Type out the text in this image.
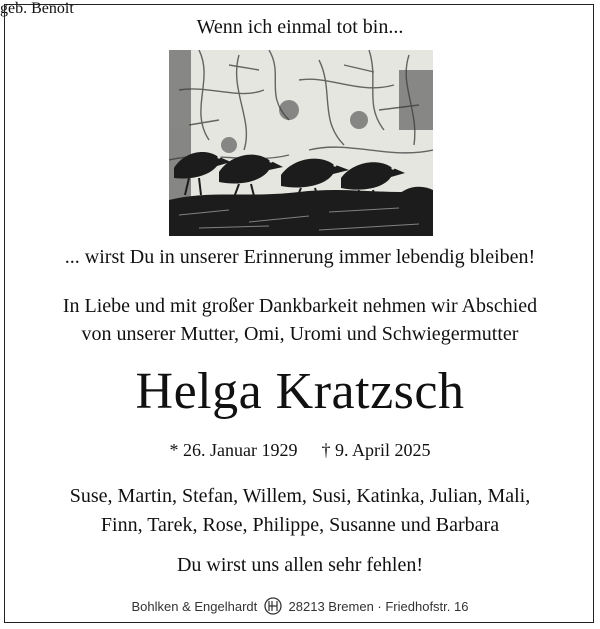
Wenn ich einmal tot bin...
... wirst Du in unserer Erinnerung immer lebendig bleiben!
In Liebe und mit großer Dankbarkeit nehmen wir Abschied
von unserer Mutter, Omi, Uromi und Schwiegermutter
Helga Kratzsch
geb. Benoit
* 26. Januar 1929 † 9. April 2025
Suse, Martin, Stefan, Willem, Susi, Katinka, Julian, Mali,
Finn, Tarek, Rose, Philippe, Susanne und Barbara
Du wirst uns allen sehr fehlen!
Bohlken & Engelhardt 28213 Bremen · Friedhofstr. 16
